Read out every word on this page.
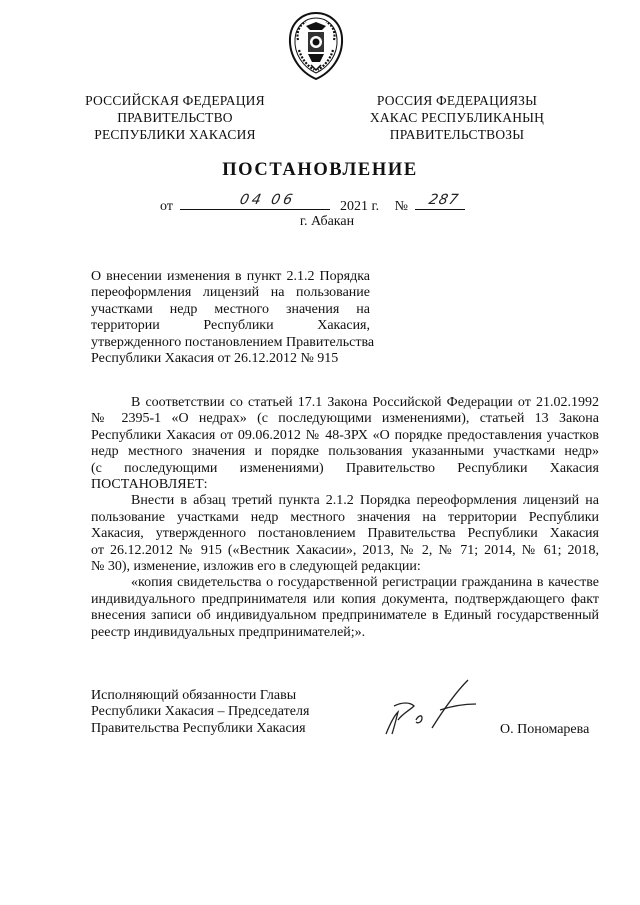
РОССИЙСКАЯ ФЕДЕРАЦИЯ
ПРАВИТЕЛЬСТВО
РЕСПУБЛИКИ ХАКАСИЯ
РОССИЯ ФЕДЕРАЦИЯЗЫ
ХАКАС РЕСПУБЛИКАНЫҢ
ПРАВИТЕЛЬСТВОЗЫ
ПОСТАНОВЛЕНИЕ
от	04 06	2021 г. № 287
г. Абакан
О внесении изменения в пункт 2.1.2 Порядка
переоформления лицензий на пользование
участками недр местного значения на
территории Республики Хакасия,
утвержденного постановлением Правительства
Республики Хакасия от 26.12.2012 № 915
В соответствии со статьей 17.1 Закона Российской Федерации от 21.02.1992
№ 2395-1 «О недрах» (с последующими изменениями), статьей 13 Закона
Республики Хакасия от 09.06.2012 № 48-ЗРХ «О порядке предоставления участков
недр местного значения и порядке пользования указанными участками недр»
(с последующими изменениями) Правительство Республики Хакасия
ПОСТАНОВЛЯЕТ:
Внести в абзац третий пункта 2.1.2 Порядка переоформления лицензий на
пользование участками недр местного значения на территории Республики
Хакасия, утвержденного постановлением Правительства Республики Хакасия
от 26.12.2012 № 915 («Вестник Хакасии», 2013, № 2, № 71; 2014, № 61; 2018,
№ 30), изменение, изложив его в следующей редакции:
«копия свидетельства о государственной регистрации гражданина в качестве
индивидуального предпринимателя или копия документа, подтверждающего факт
внесения записи об индивидуальном предпринимателе в Единый государственный
реестр индивидуальных предпринимателей;».
Исполняющий обязанности Главы
Республики Хакасия – Председателя
Правительства Республики Хакасия	О. Пономарева
